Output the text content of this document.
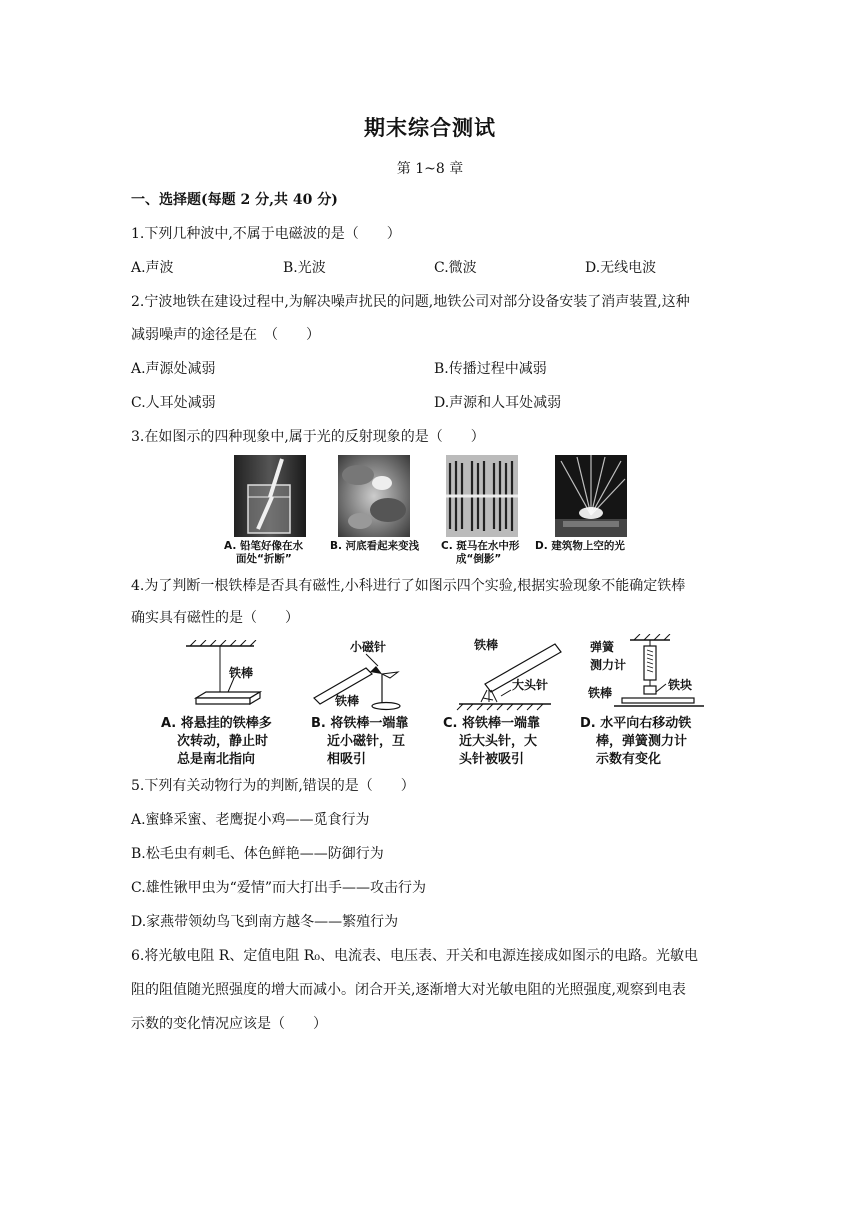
期末综合测试
第 1~8 章
一、选择题(每题 2 分,共 40 分)
1.下列几种波中,不属于电磁波的是（　　）
A.声波	B.光波	C.微波	D.无线电波
2.宁波地铁在建设过程中,为解决噪声扰民的问题,地铁公司对部分设备安装了消声装置,这种
减弱噪声的途径是在　（　　）
A.声源处减弱	B.传播过程中减弱
C.人耳处减弱	D.声源和人耳处减弱
3.在如图示的四种现象中,属于光的反射现象的是（　　）
A. 铅笔好像在水
面处“折断”
B. 河底看起来变浅 C. 斑马在水中形
成“倒影”
D. 建筑物上空的光
4.为了判断一根铁棒是否具有磁性,小科进行了如图示四个实验,根据实验现象不能确定铁棒
确实具有磁性的是（　　）
铁棒
A. 将悬挂的铁棒多
次转动，静止时
总是南北指向
小磁针
铁棒
B. 将铁棒一端靠
近小磁针，互
相吸引
铁棒
大头针
C. 将铁棒一端靠
近大头针，大
头针被吸引
弹簧
测力计
铁块
铁棒
D. 水平向右移动铁
棒，弹簧测力计
示数有变化
5.下列有关动物行为的判断,错误的是（　　）
A.蜜蜂采蜜、老鹰捉小鸡——觅食行为
B.松毛虫有刺毛、体色鲜艳——防御行为
C.雄性锹甲虫为“爱情”而大打出手——攻击行为
D.家燕带领幼鸟飞到南方越冬——繁殖行为
6.将光敏电阻 R、定值电阻 R₀、电流表、电压表、开关和电源连接成如图示的电路。光敏电
阻的阻值随光照强度的增大而减小。闭合开关,逐渐增大对光敏电阻的光照强度,观察到电表
示数的变化情况应该是（　　）
